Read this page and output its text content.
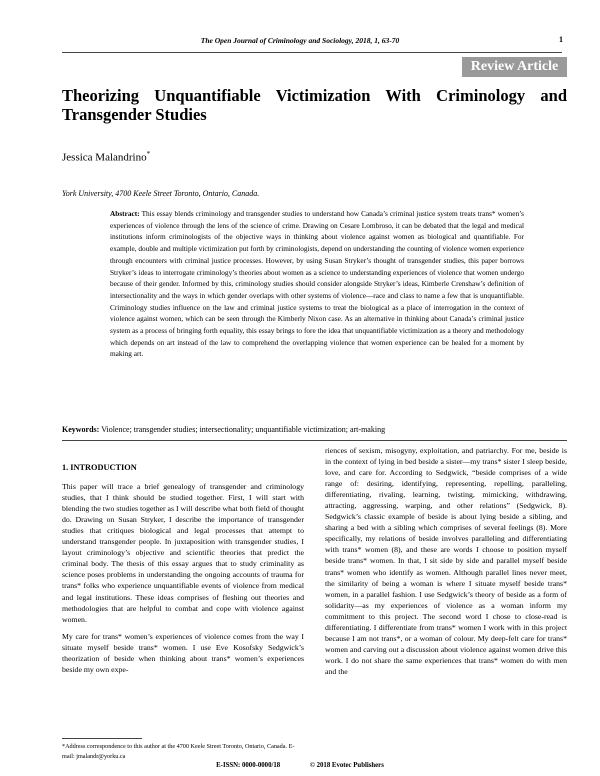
The Open Journal of Criminology and Sociology, 2018, 1, 63-70	1
Review Article
Theorizing Unquantifiable Victimization With Criminology and
Transgender Studies
Jessica Malandrino*
York University, 4700 Keele Street Toronto, Ontario, Canada.

Abstract: This essay blends criminology and transgender studies to understand how Canada’s criminal justice system treats trans* women’s experiences of violence through the lens of the science of crime. Drawing on Cesare Lombroso, it can be debated that the legal and medical institutions inform criminologists of the objective ways in thinking about violence against women as biological and quantifiable. For example, double and multiple victimization put forth by criminologists, depend on understanding the counting of violence women experience through encounters with criminal justice processes. However, by using Susan Stryker’s thought of transgender studies, this paper borrows Stryker’s ideas to interrogate criminology’s theories about women as a science to understanding experiences of violence that women undergo because of their gender. Informed by this, criminology studies should consider alongside Stryker’s ideas, Kimberle Crenshaw’s definition of intersectionality and the ways in which gender overlaps with other systems of violence—race and class to name a few that is unquantifiable. Criminology studies influence on the law and criminal justice systems to treat the biological as a place of interrogation in the context of violence against women, which can be seen through the Kimberly Nixon case. As an alternative in thinking about Canada’s criminal justice system as a process of bringing forth equality, this essay brings to fore the idea that unquantifiable victimization as a theory and methodology which depends on art instead of the law to comprehend the overlapping violence that women experience can be healed for a moment by making art.

Keywords: Violence; transgender studies; intersectionality; unquantifiable victimization; art-making
1. INTRODUCTION

This paper will trace a brief genealogy of transgender and criminology studies, that I think should be studied together. First, I will start with blending the two studies together as I will describe what both field of thought do. Drawing on Susan Stryker, I describe the importance of transgender studies that critiques biological and legal processes that attempt to understand transgender people. In juxtaposition with transgender studies, I layout criminology’s objective and scientific theories that predict the criminal body. The thesis of this essay argues that to study criminality as science poses problems in understanding the ongoing accounts of trauma for trans* folks who experience unquantifiable events of violence from medical and legal institutions. These ideas comprises of fleshing out theories and methodologies that are helpful to combat and cope with violence against women.

My care for trans* women’s experiences of violence comes from the way I situate myself beside trans* women. I use Eve Kosofsky Sedgwick’s theorization of beside when thinking about trans* women’s experiences beside my own expe-

riences of sexism, misogyny, exploitation, and patriarchy. For me, beside is in the context of lying in bed beside a sister—my trans* sister I sleep beside, love, and care for. According to Sedgwick, “beside comprises of a wide range of: desiring, identifying, representing, repelling, paralleling, differentiating, rivaling, learning, twisting, mimicking, withdrawing, attracting, aggressing, warping, and other relations” (Sedgwick, 8). Sedgwick’s classic example of beside is about lying beside a sibling, and sharing a bed with a sibling which comprises of several feelings (8). More specifically, my relations of beside involves paralleling and differentiating with trans* women (8), and these are words I choose to position myself beside trans* women. In that, I sit side by side and parallel myself beside trans* women who identify as women. Although parallel lines never meet, the similarity of being a woman is where I situate myself beside trans* women, in a parallel fashion. I use Sedgwick’s theory of beside as a form of solidarity—as my experiences of violence as a woman inform my commitment to this project. The second word I chose to close-read is differentiating. I differentiate from trans* women I work with in this project because I am not trans*, or a woman of colour. My deep-felt care for trans* women and carving out a discussion about violence against women drive this work. I do not share the same experiences that trans* women do with men and the

*Address correspondence to this author at the 4700 Keele Street Toronto, Ontario, Canada. E-mail: jmalandr@yorku.ca
E-ISSN: 0000-0000/18	© 2018 Evotec Publishers
